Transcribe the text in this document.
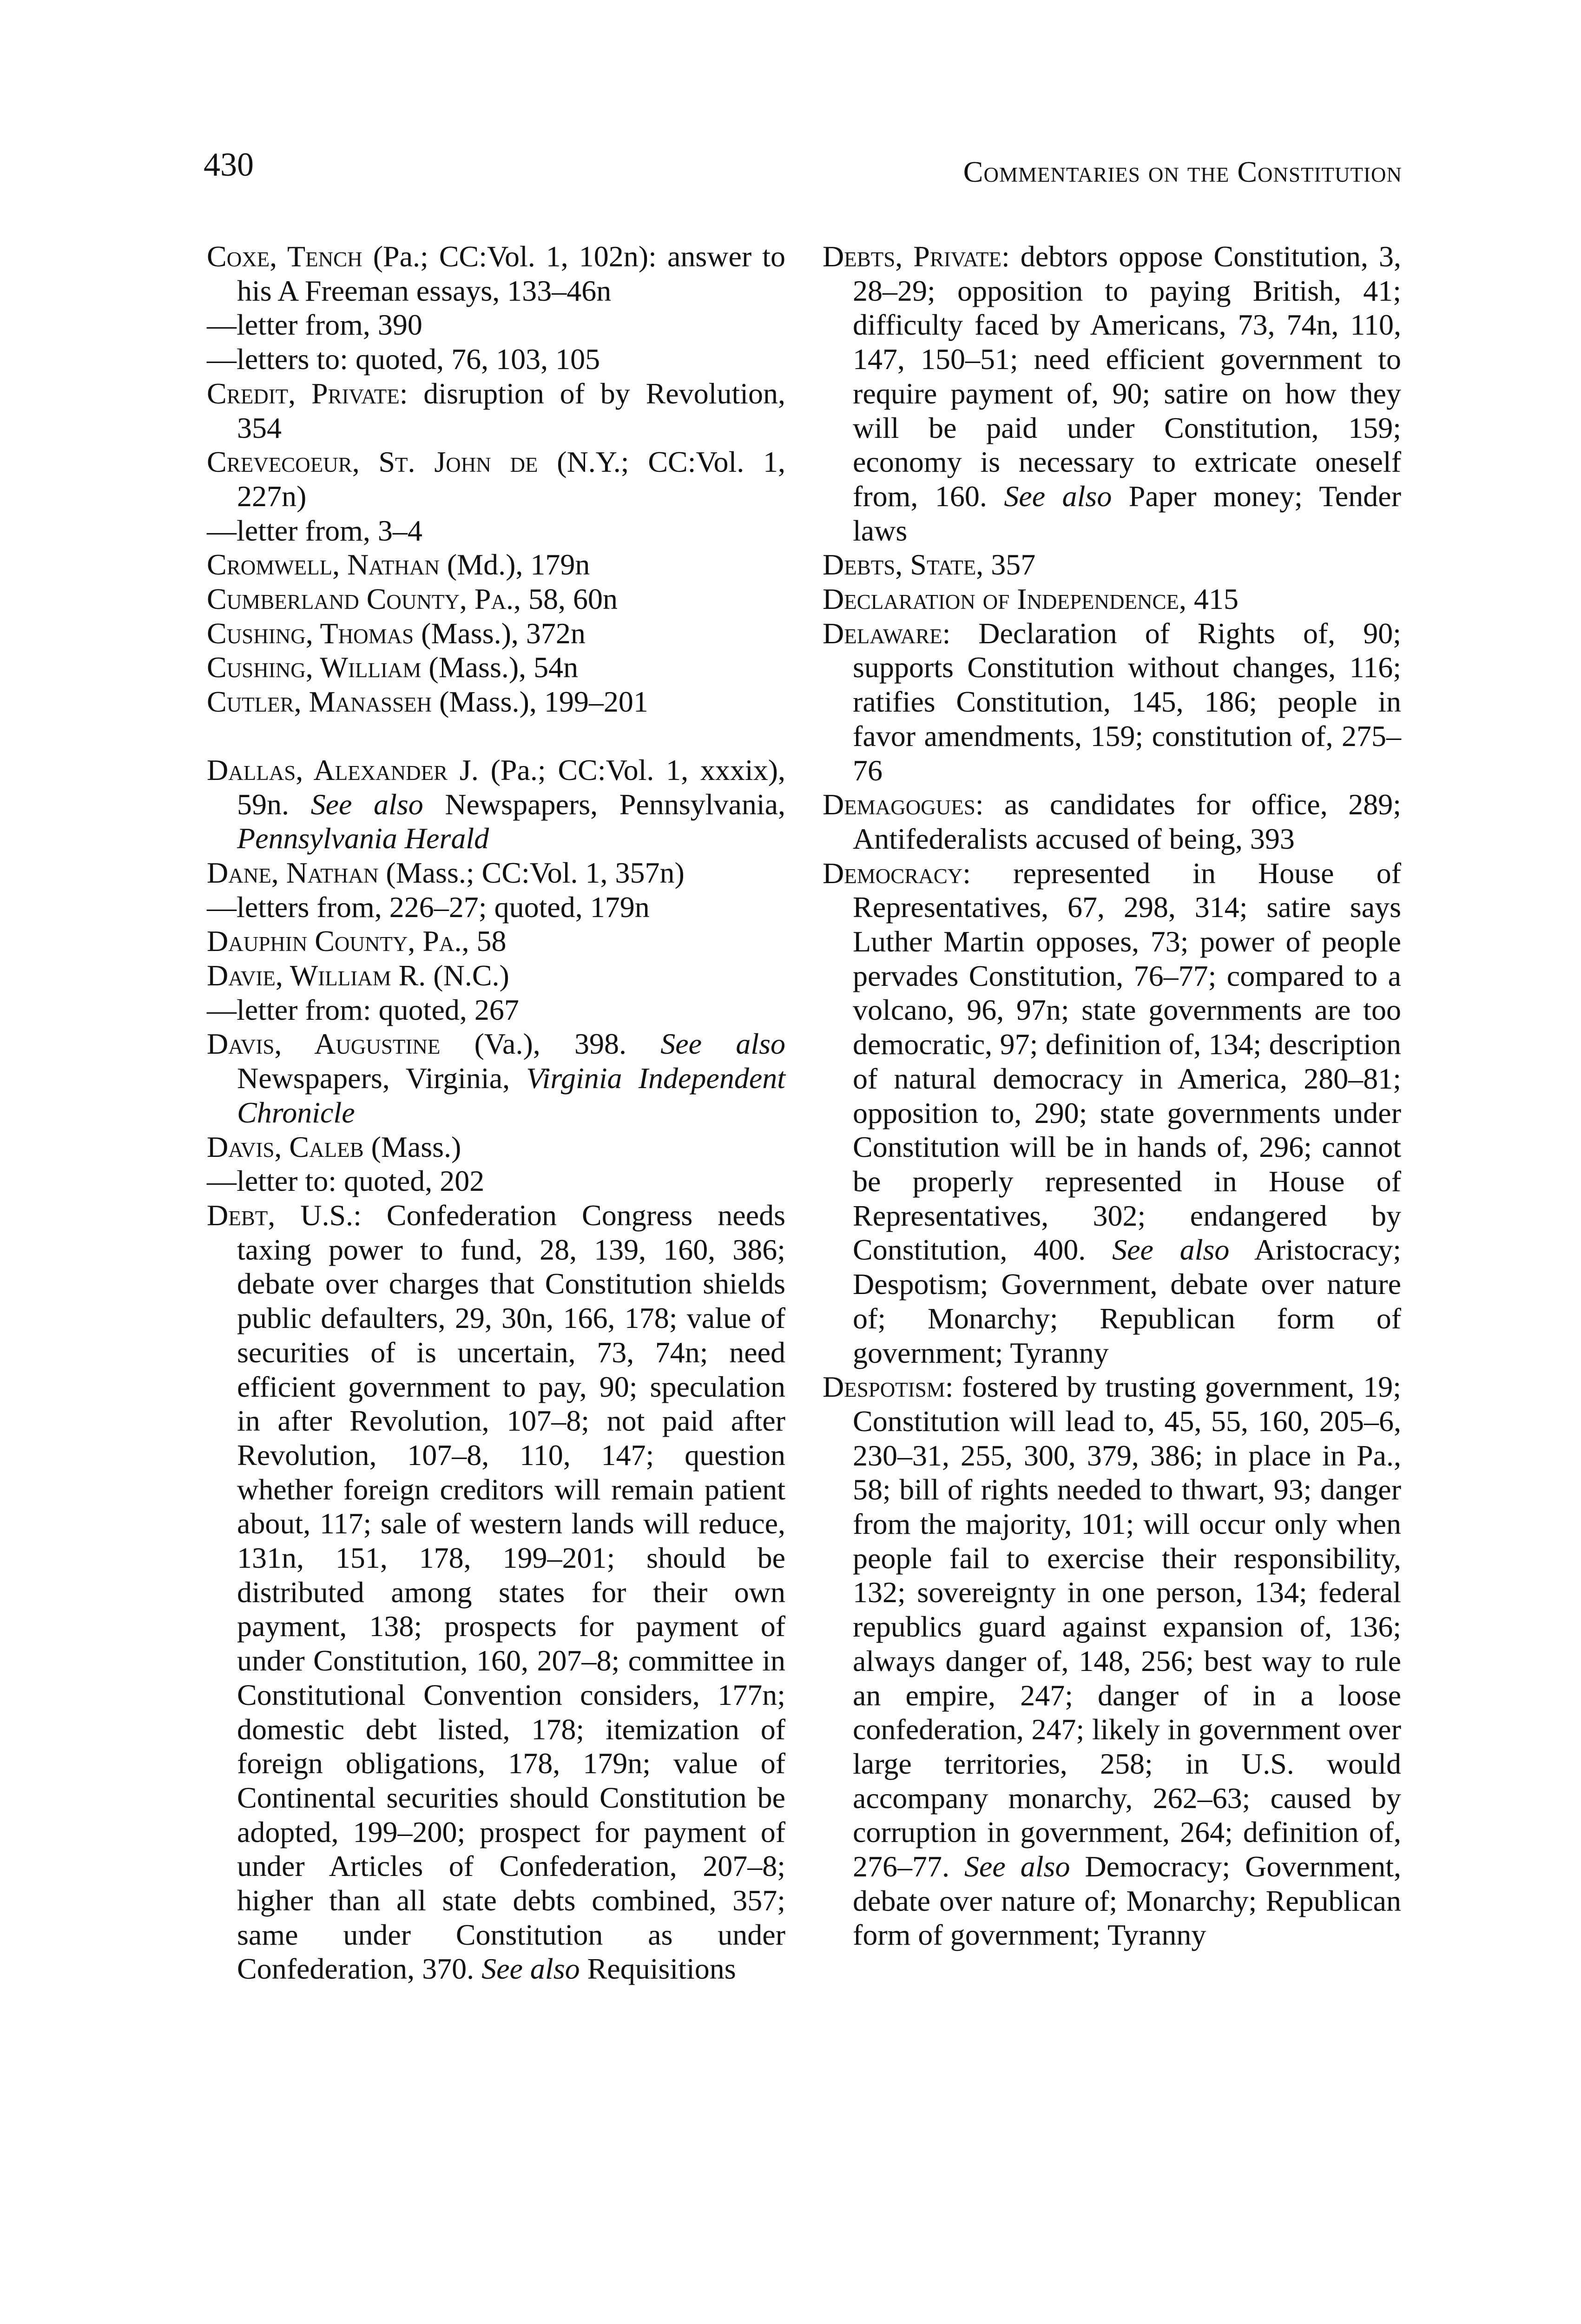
430	Commentaries on the Constitution
Coxe, Tench (Pa.; CC:Vol. 1, 102n): answer to his A Freeman essays, 133–46n
—letter from, 390
—letters to: quoted, 76, 103, 105
Credit, Private: disruption of by Revolution, 354
Crevecoeur, St. John de (N.Y.; CC:Vol. 1, 227n)
—letter from, 3–4
Cromwell, Nathan (Md.), 179n
Cumberland County, Pa., 58, 60n
Cushing, Thomas (Mass.), 372n
Cushing, William (Mass.), 54n
Cutler, Manasseh (Mass.), 199–201
Dallas, Alexander J. (Pa.; CC:Vol. 1, xxxix), 59n. See also Newspapers, Pennsylvania, Pennsylvania Herald
Dane, Nathan (Mass.; CC:Vol. 1, 357n)
—letters from, 226–27; quoted, 179n
Dauphin County, Pa., 58
Davie, William R. (N.C.)
—letter from: quoted, 267
Davis, Augustine (Va.), 398. See also Newspapers, Virginia, Virginia Independent Chronicle
Davis, Caleb (Mass.)
—letter to: quoted, 202
Debt, U.S.: Confederation Congress needs taxing power to fund, 28, 139, 160, 386; debate over charges that Constitution shields public defaulters, 29, 30n, 166, 178; value of securities of is uncertain, 73, 74n; need efficient government to pay, 90; speculation in after Revolution, 107–8; not paid after Revolution, 107–8, 110, 147; question whether foreign creditors will remain patient about, 117; sale of western lands will reduce, 131n, 151, 178, 199–201; should be distributed among states for their own payment, 138; prospects for payment of under Constitution, 160, 207–8; committee in Constitutional Convention considers, 177n; domestic debt listed, 178; itemization of foreign obligations, 178, 179n; value of Continental securities should Constitution be adopted, 199–200; prospect for payment of under Articles of Confederation, 207–8; higher than all state debts combined, 357; same under Constitution as under Confederation, 370. See also Requisitions
Debts, Private: debtors oppose Constitution, 3, 28–29; opposition to paying British, 41; difficulty faced by Americans, 73, 74n, 110, 147, 150–51; need efficient government to require payment of, 90; satire on how they will be paid under Constitution, 159; economy is necessary to extricate oneself from, 160. See also Paper money; Tender laws
Debts, State, 357
Declaration of Independence, 415
Delaware: Declaration of Rights of, 90; supports Constitution without changes, 116; ratifies Constitution, 145, 186; people in favor amendments, 159; constitution of, 275–76
Demagogues: as candidates for office, 289; Antifederalists accused of being, 393
Democracy: represented in House of Representatives, 67, 298, 314; satire says Luther Martin opposes, 73; power of people pervades Constitution, 76–77; compared to a volcano, 96, 97n; state governments are too democratic, 97; definition of, 134; description of natural democracy in America, 280–81; opposition to, 290; state governments under Constitution will be in hands of, 296; cannot be properly represented in House of Representatives, 302; endangered by Constitution, 400. See also Aristocracy; Despotism; Government, debate over nature of; Monarchy; Republican form of government; Tyranny
Despotism: fostered by trusting government, 19; Constitution will lead to, 45, 55, 160, 205–6, 230–31, 255, 300, 379, 386; in place in Pa., 58; bill of rights needed to thwart, 93; danger from the majority, 101; will occur only when people fail to exercise their responsibility, 132; sovereignty in one person, 134; federal republics guard against expansion of, 136; always danger of, 148, 256; best way to rule an empire, 247; danger of in a loose confederation, 247; likely in government over large territories, 258; in U.S. would accompany monarchy, 262–63; caused by corruption in government, 264; definition of, 276–77. See also Democracy; Government, debate over nature of; Monarchy; Republican form of government; Tyranny
